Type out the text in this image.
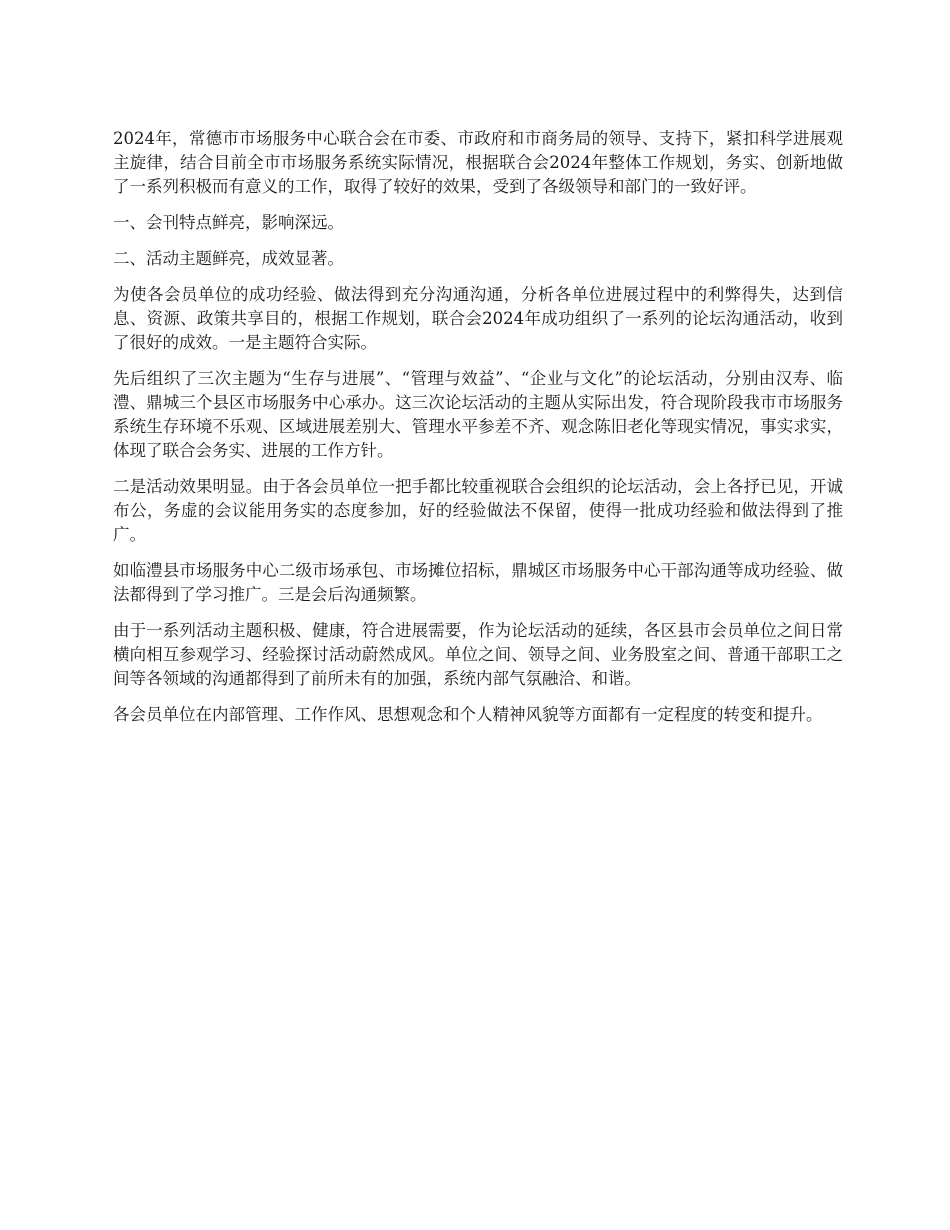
2024年，常德市市场服务中心联合会在市委、市政府和市商务局的领导、支持下，紧扣科学进展观主旋律，结合目前全市市场服务系统实际情况，根据联合会2024年整体工作规划，务实、创新地做了一系列积极而有意义的工作，取得了较好的效果，受到了各级领导和部门的一致好评。

一、会刊特点鲜亮，影响深远。

二、活动主题鲜亮，成效显著。

为使各会员单位的成功经验、做法得到充分沟通沟通，分析各单位进展过程中的利弊得失，达到信息、资源、政策共享目的，根据工作规划，联合会2024年成功组织了一系列的论坛沟通活动，收到了很好的成效。一是主题符合实际。

先后组织了三次主题为“生存与进展”、“管理与效益”、“企业与文化”的论坛活动，分别由汉寿、临澧、鼎城三个县区市场服务中心承办。这三次论坛活动的主题从实际出发，符合现阶段我市市场服务系统生存环境不乐观、区域进展差别大、管理水平参差不齐、观念陈旧老化等现实情况，事实求实，体现了联合会务实、进展的工作方针。

二是活动效果明显。由于各会员单位一把手都比较重视联合会组织的论坛活动，会上各抒已见，开诚布公，务虚的会议能用务实的态度参加，好的经验做法不保留，使得一批成功经验和做法得到了推广。

如临澧县市场服务中心二级市场承包、市场摊位招标，鼎城区市场服务中心干部沟通等成功经验、做法都得到了学习推广。三是会后沟通频繁。

由于一系列活动主题积极、健康，符合进展需要，作为论坛活动的延续，各区县市会员单位之间日常横向相互参观学习、经验探讨活动蔚然成风。单位之间、领导之间、业务股室之间、普通干部职工之间等各领域的沟通都得到了前所未有的加强，系统内部气氛融洽、和谐。

各会员单位在内部管理、工作作风、思想观念和个人精神风貌等方面都有一定程度的转变和提升。
